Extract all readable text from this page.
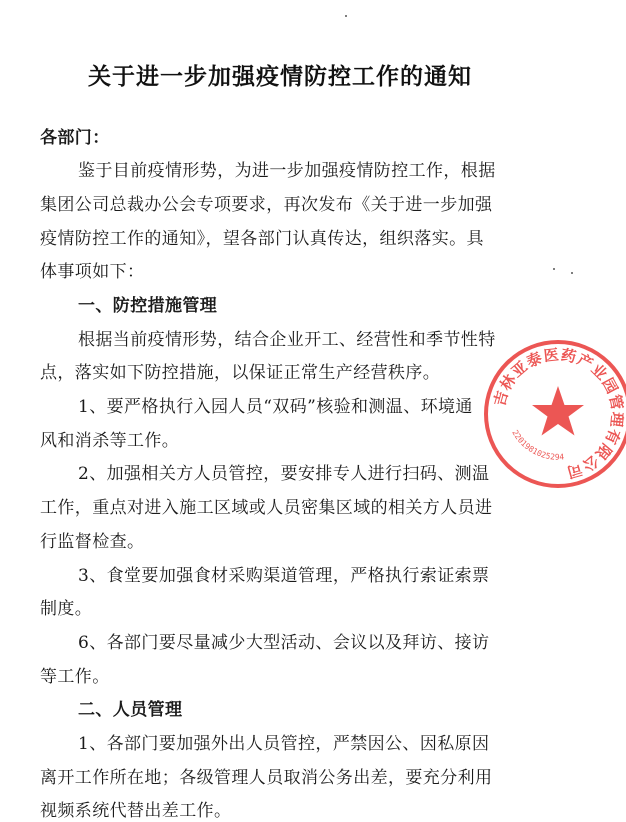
关于进一步加强疫情防控工作的通知
各部门：
鉴于目前疫情形势，为进一步加强疫情防控工作，根据
集团公司总裁办公会专项要求，再次发布《关于进一步加强
疫情防控工作的通知》，望各部门认真传达，组织落实。具
体事项如下：
一、防控措施管理
根据当前疫情形势，结合企业开工、经营性和季节性特
点，落实如下防控措施，以保证正常生产经营秩序。
1、要严格执行入园人员“双码”核验和测温、环境通
风和消杀等工作。
2、加强相关方人员管控，要安排专人进行扫码、测温
工作，重点对进入施工区域或人员密集区域的相关方人员进
行监督检查。
3、食堂要加强食材采购渠道管理，严格执行索证索票
制度。
6、各部门要尽量减少大型活动、会议以及拜访、接访
等工作。
二、人员管理
1、各部门要加强外出人员管控，严禁因公、因私原因
离开工作所在地；各级管理人员取消公务出差，要充分利用
视频系统代替出差工作。
吉林亚泰医药产业园管理有限公司
2201981025294
